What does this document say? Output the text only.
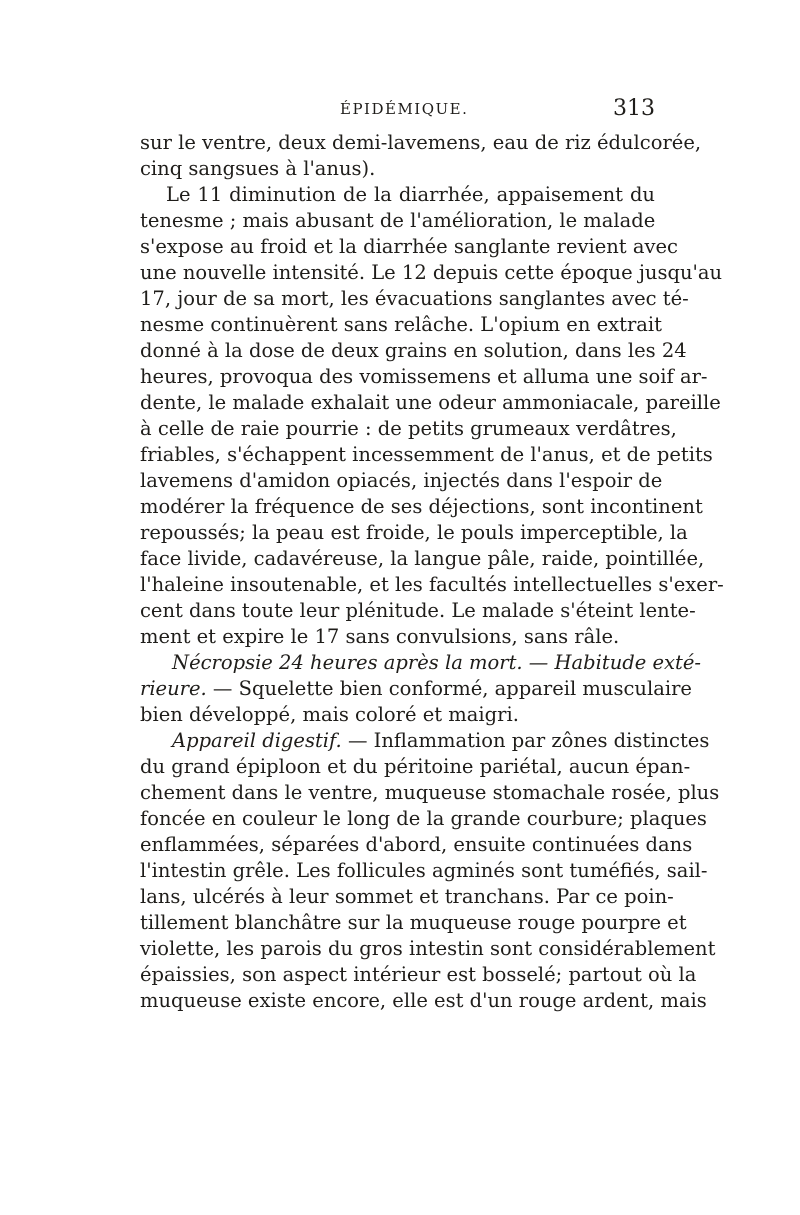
ÉPIDÉMIQUE.	313
sur le ventre, deux demi-lavemens, eau de riz édulcorée,
cinq sangsues à l'anus).
Le 11 diminution de la diarrhée, appaisement du
tenesme ; mais abusant de l'amélioration, le malade
s'expose au froid et la diarrhée sanglante revient avec
une nouvelle intensité. Le 12 depuis cette époque jusqu'au
17, jour de sa mort, les évacuations sanglantes avec té-
nesme continuèrent sans relâche. L'opium en extrait
donné à la dose de deux grains en solution, dans les 24
heures, provoqua des vomissemens et alluma une soif ar-
dente, le malade exhalait une odeur ammoniacale, pareille
à celle de raie pourrie : de petits grumeaux verdâtres,
friables, s'échappent incessemment de l'anus, et de petits
lavemens d'amidon opiacés, injectés dans l'espoir de
modérer la fréquence de ses déjections, sont incontinent
repoussés; la peau est froide, le pouls imperceptible, la
face livide, cadavéreuse, la langue pâle, raide, pointillée,
l'haleine insoutenable, et les facultés intellectuelles s'exer-
cent dans toute leur plénitude. Le malade s'éteint lente-
ment et expire le 17 sans convulsions, sans râle.
Nécropsie 24 heures après la mort. — Habitude exté-
rieure. — Squelette bien conformé, appareil musculaire
bien développé, mais coloré et maigri.
Appareil digestif. — Inflammation par zônes distinctes
du grand épiploon et du péritoine pariétal, aucun épan-
chement dans le ventre, muqueuse stomachale rosée, plus
foncée en couleur le long de la grande courbure; plaques
enflammées, séparées d'abord, ensuite continuées dans
l'intestin grêle. Les follicules agminés sont tuméfiés, sail-
lans, ulcérés à leur sommet et tranchans. Par ce poin-
tillement blanchâtre sur la muqueuse rouge pourpre et
violette, les parois du gros intestin sont considérablement
épaissies, son aspect intérieur est bosselé; partout où la
muqueuse existe encore, elle est d'un rouge ardent, mais
